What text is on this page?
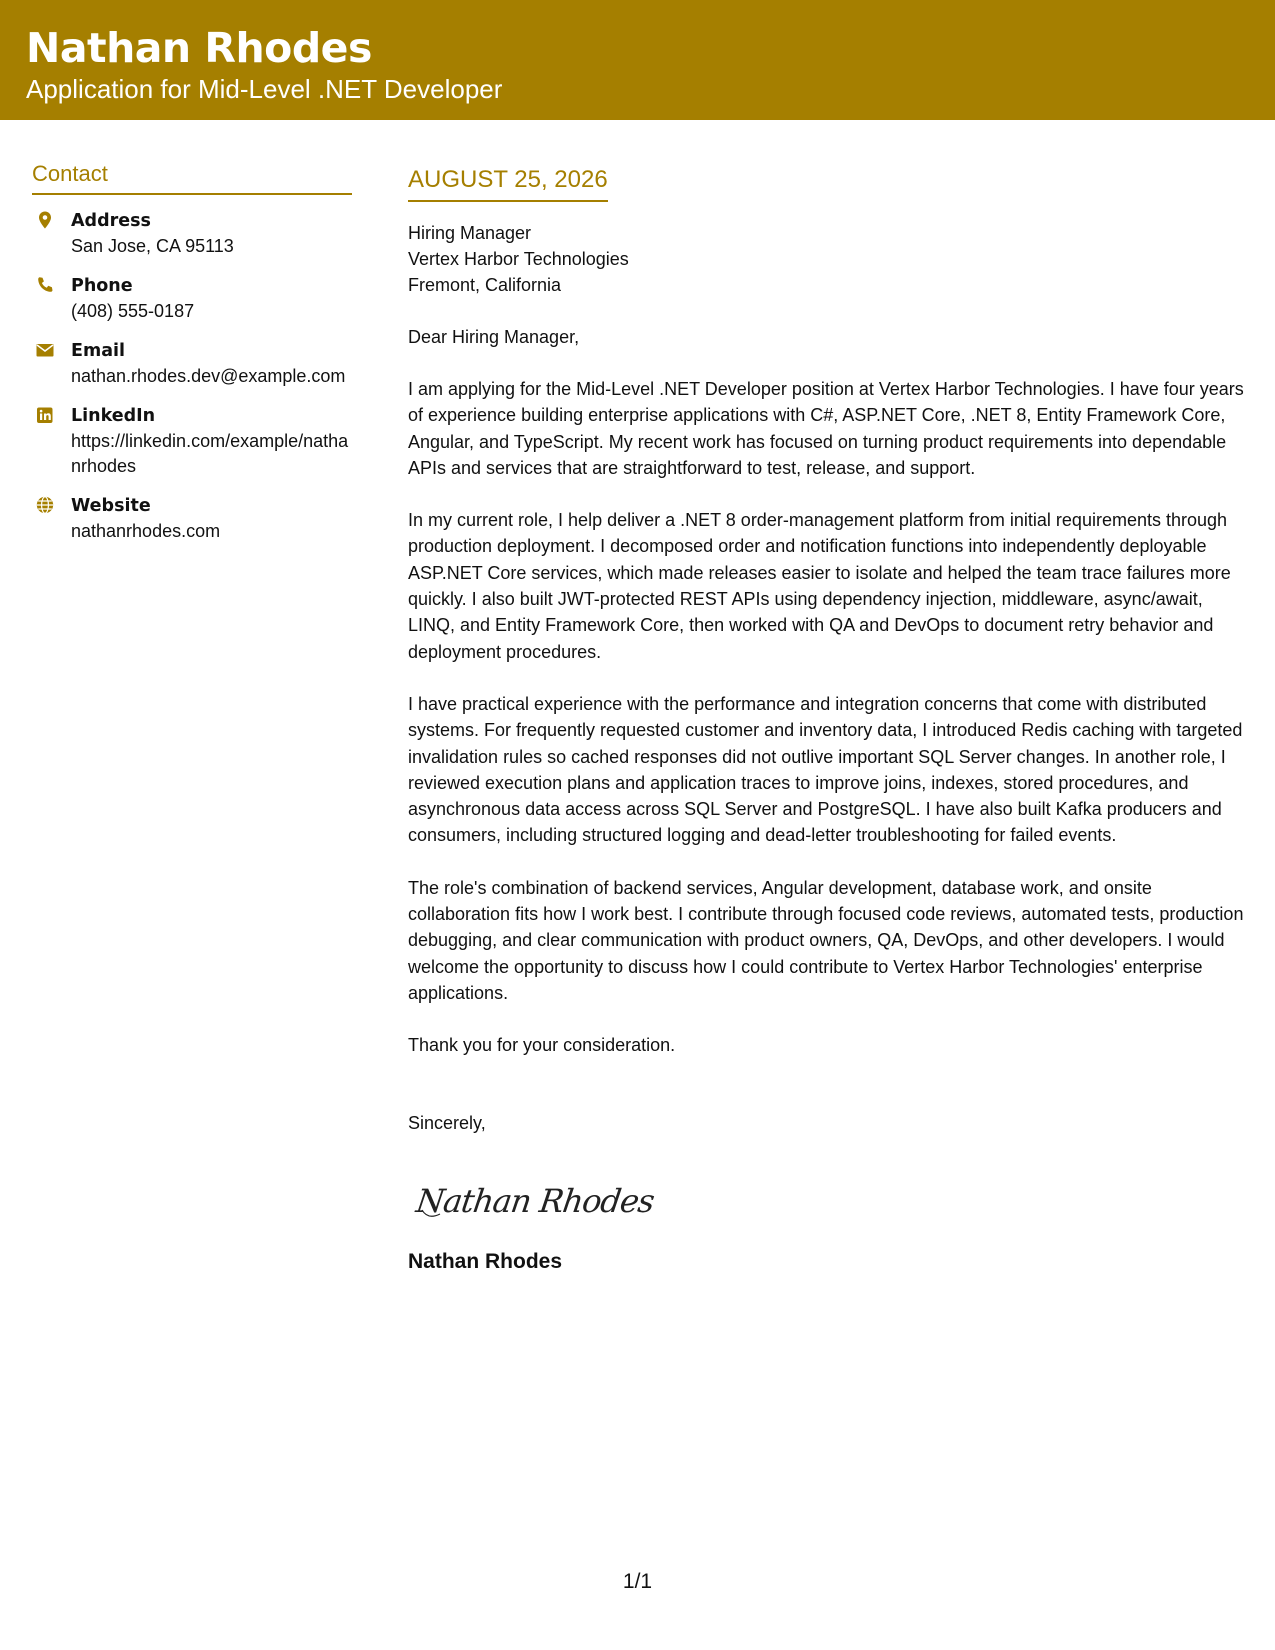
Nathan Rhodes
Application for Mid-Level .NET Developer
Contact
Address
San Jose, CA 95113
Phone
(408) 555-0187
Email
nathan.rhodes.dev@example.com
LinkedIn
https://linkedin.com/example/nathanrhodes
Website
nathanrhodes.com
AUGUST 25, 2026
Hiring Manager
Vertex Harbor Technologies
Fremont, California
Dear Hiring Manager,
I am applying for the Mid-Level .NET Developer position at Vertex Harbor Technologies. I have four years of experience building enterprise applications with C#, ASP.NET Core, .NET 8, Entity Framework Core, Angular, and TypeScript. My recent work has focused on turning product requirements into dependable APIs and services that are straightforward to test, release, and support.
In my current role, I help deliver a .NET 8 order-management platform from initial requirements through production deployment. I decomposed order and notification functions into independently deployable ASP.NET Core services, which made releases easier to isolate and helped the team trace failures more quickly. I also built JWT-protected REST APIs using dependency injection, middleware, async/await, LINQ, and Entity Framework Core, then worked with QA and DevOps to document retry behavior and deployment procedures.
I have practical experience with the performance and integration concerns that come with distributed systems. For frequently requested customer and inventory data, I introduced Redis caching with targeted invalidation rules so cached responses did not outlive important SQL Server changes. In another role, I reviewed execution plans and application traces to improve joins, indexes, stored procedures, and asynchronous data access across SQL Server and PostgreSQL. I have also built Kafka producers and consumers, including structured logging and dead-letter troubleshooting for failed events.
The role's combination of backend services, Angular development, database work, and onsite collaboration fits how I work best. I contribute through focused code reviews, automated tests, production debugging, and clear communication with product owners, QA, DevOps, and other developers. I would welcome the opportunity to discuss how I could contribute to Vertex Harbor Technologies' enterprise applications.
Thank you for your consideration.
Sincerely,
Nathan Rhodes
Nathan Rhodes
1/1
